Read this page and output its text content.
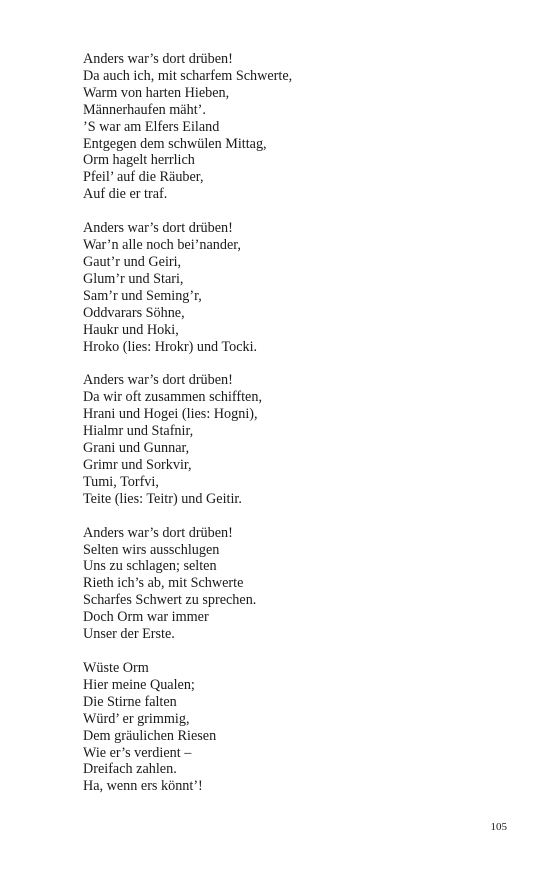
Anders war’s dort drüben!
Da auch ich, mit scharfem Schwerte,
Warm von harten Hieben,
Männerhaufen mäht’.
’S war am Elfers Eiland
Entgegen dem schwülen Mittag,
Orm hagelt herrlich
Pfeil’ auf die Räuber,
Auf die er traf.
Anders war’s dort drüben!
War’n alle noch bei’nander,
Gaut’r und Geiri,
Glum’r und Stari,
Sam’r und Seming’r,
Oddvarars Söhne,
Haukr und Hoki,
Hroko (lies: Hrokr) und Tocki.
Anders war’s dort drüben!
Da wir oft zusammen schifften,
Hrani und Hogei (lies: Hogni),
Hialmr und Stafnir,
Grani und Gunnar,
Grimr und Sorkvir,
Tumi, Torfvi,
Teite (lies: Teitr) und Geitir.
Anders war’s dort drüben!
Selten wirs ausschlugen
Uns zu schlagen; selten
Rieth ich’s ab, mit Schwerte
Scharfes Schwert zu sprechen.
Doch Orm war immer
Unser der Erste.
Wüste Orm
Hier meine Qualen;
Die Stirne falten
Würd’ er grimmig,
Dem gräulichen Riesen
Wie er’s verdient –
Dreifach zahlen.
Ha, wenn ers könnt’!
105
